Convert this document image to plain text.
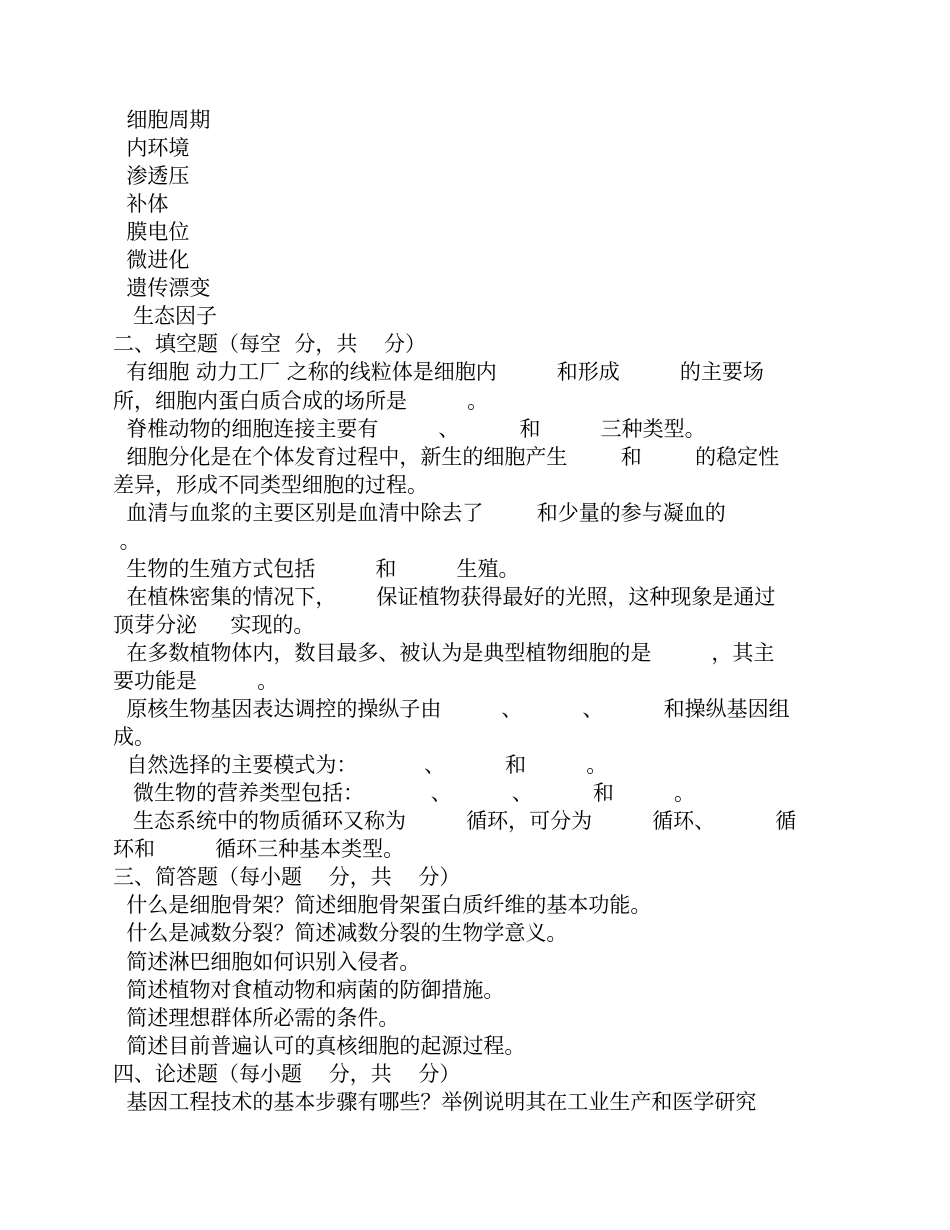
细胞周期
内环境
渗透压
补体
膜电位
微进化
遗传漂变
生态因子
二、填空题（每空  分，共    分）
有细胞 动力工厂 之称的线粒体是细胞内         和形成         的主要场
所，细胞内蛋白质合成的场所是         。
脊椎动物的细胞连接主要有         、         和         三种类型。
细胞分化是在个体发育过程中，新生的细胞产生        和        的稳定性
差异，形成不同类型细胞的过程。
血清与血浆的主要区别是血清中除去了        和少量的参与凝血的
。
生物的生殖方式包括         和         生殖。
在植株密集的情况下，      保证植物获得最好的光照，这种现象是通过
顶芽分泌     实现的。
在多数植物体内，数目最多、被认为是典型植物细胞的是         ，其主
要功能是         。
原核生物基因表达调控的操纵子由         、         、         和操纵基因组
成。
自然选择的主要模式为：          、         和         。
微生物的营养类型包括：          、         、         和         。
生态系统中的物质循环又称为         循环，可分为         循环、         循
环和         循环三种基本类型。
三、简答题（每小题    分，共    分）
什么是细胞骨架？简述细胞骨架蛋白质纤维的基本功能。
什么是减数分裂？简述减数分裂的生物学意义。
简述淋巴细胞如何识别入侵者。
简述植物对食植动物和病菌的防御措施。
简述理想群体所必需的条件。
简述目前普遍认可的真核细胞的起源过程。
四、论述题（每小题    分，共    分）
基因工程技术的基本步骤有哪些？举例说明其在工业生产和医学研究
